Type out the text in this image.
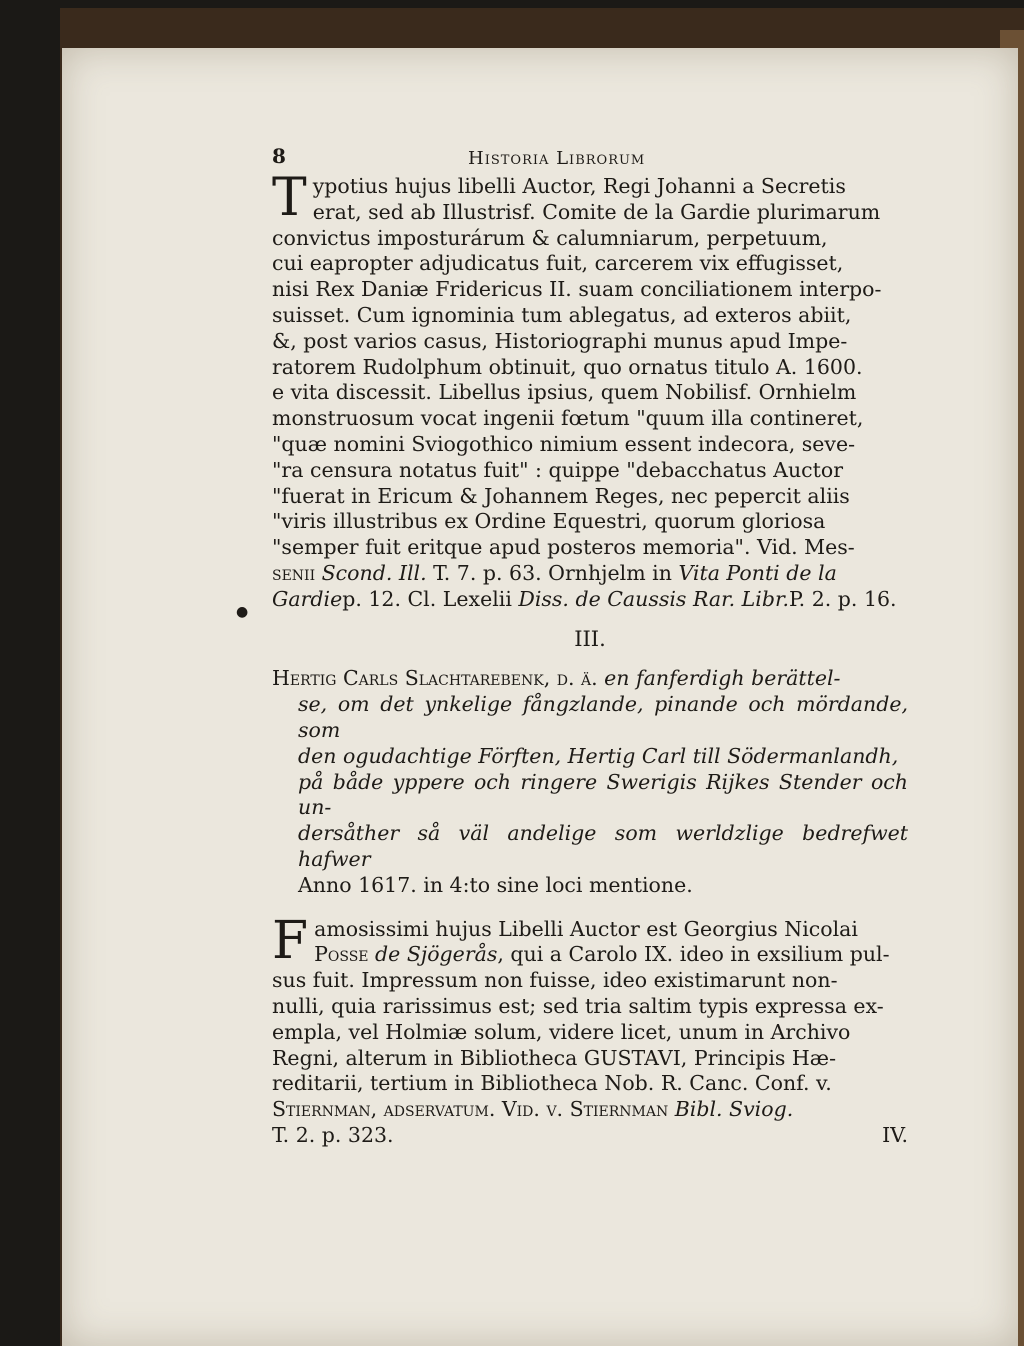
●
8	Historia Librorum
T ypotius hujus libelli Auctor, Regi Johanni a Secretis
erat, sed ab Illustrisf. Comite de la Gardie plurimarum
convictus imposturárum & calumniarum, perpetuum,
cui eapropter adjudicatus fuit, carcerem vix effugisset,
nisi Rex Daniæ Fridericus II. suam conciliationem interpo-
suisset. Cum ignominia tum ablegatus, ad exteros abiit,
&, post varios casus, Historiographi munus apud Impe-
ratorem Rudolphum obtinuit, quo ornatus titulo A. 1600.
e vita discessit. Libellus ipsius, quem Nobilisf. Ornhielm
monstruosum vocat ingenii fœtum "quum illa contineret,
"quæ nomini Sviogothico nimium essent indecora, seve-
"ra censura notatus fuit" : quippe "debacchatus Auctor
"fuerat in Ericum & Johannem Reges, nec pepercit aliis
"viris illustribus ex Ordine Equestri, quorum gloriosa
"semper fuit eritque apud posteros memoria". Vid. Mes-
senii Scond. Ill. T. 7. p. 63. Ornhjelm in Vita Ponti de la
Gardiep. 12. Cl. Lexelii Diss. de Caussis Rar. Libr.P. 2. p. 16.
III.
Hertig Carls Slachtarebenk, d. ä. en fanferdigh berättel-
se, om det ynkelige fångzlande, pinande och mördande, som
den ogudachtige Förften, Hertig Carl till Södermanlandh,
på både yppere och ringere Swerigis Rijkes Stender och un-
dersåther så väl andelige som werldzlige bedrefwet hafwer
Anno 1617. in 4:to sine loci mentione.
F amosissimi hujus Libelli Auctor est Georgius Nicolai
Posse de Sjögerås, qui a Carolo IX. ideo in exsilium pul-
sus fuit. Impressum non fuisse, ideo existimarunt non-
nulli, quia rarissimus est; sed tria saltim typis expressa ex-
empla, vel Holmiæ solum, videre licet, unum in Archivo
Regni, alterum in Bibliotheca GUSTAVI, Principis Hæ-
reditarii, tertium in Bibliotheca Nob. R. Canc. Conf. v.
Stiernman, adservatum. Vid. v. Stiernman Bibl. Sviog.
T. 2. p. 323.	IV.
